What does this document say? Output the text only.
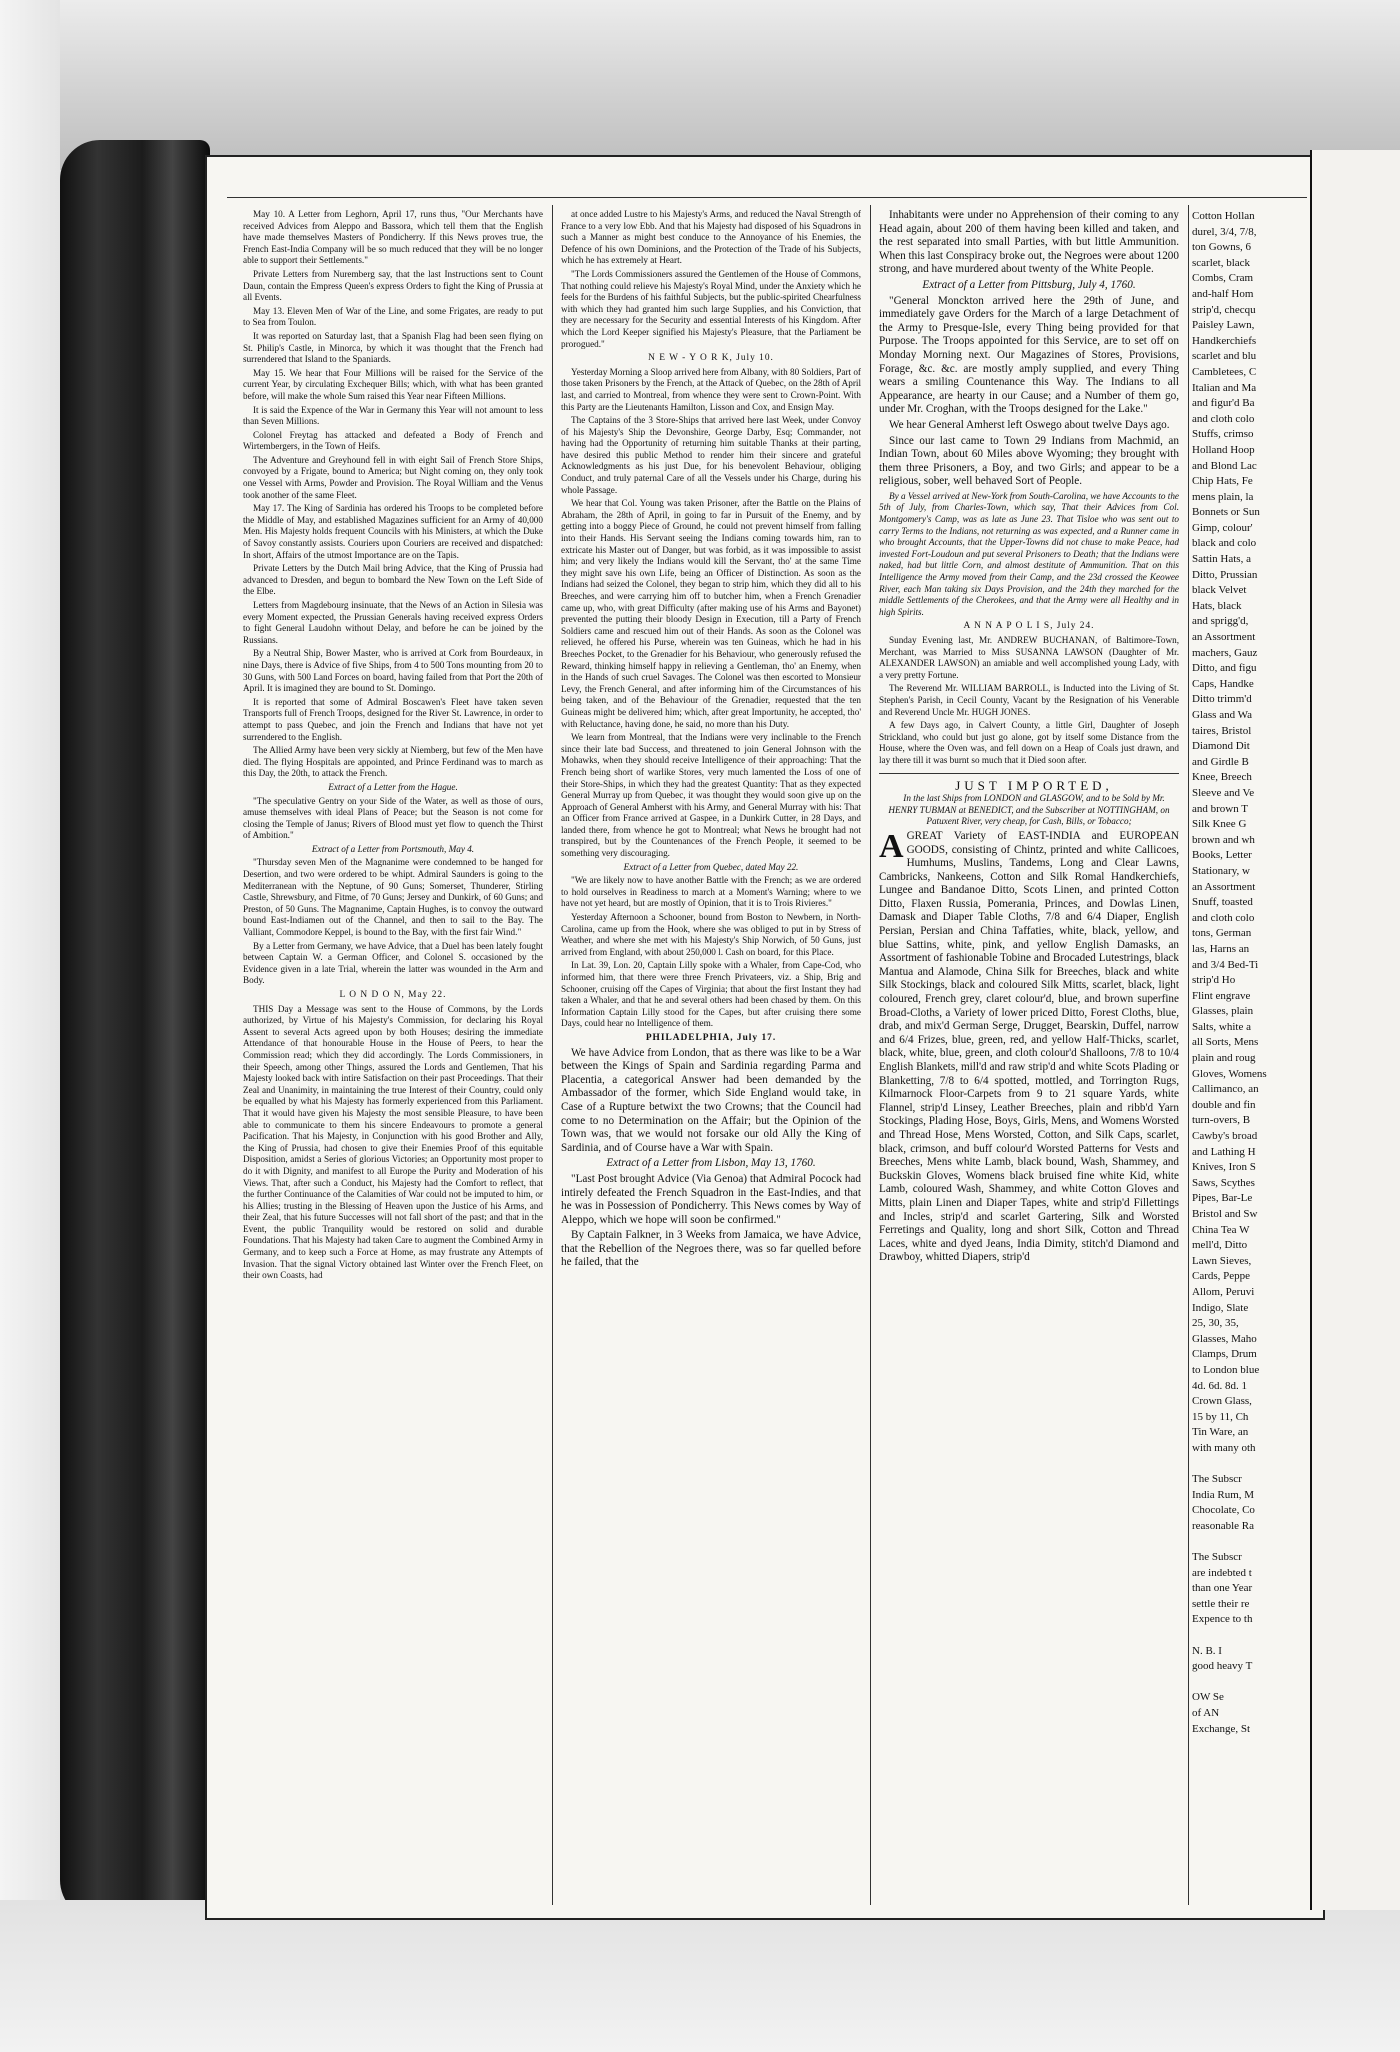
May 10. A Letter from Leghorn, April 17, runs thus, "Our Merchants have received Advices from Aleppo and Bassora, which tell them that the English have made themselves Masters of Pondicherry. If this News proves true, the French East-India Company will be so much reduced that they will be no longer able to support their Settlements."

Private Letters from Nuremberg say, that the last Instructions sent to Count Daun, contain the Empress Queen's express Orders to fight the King of Prussia at all Events.

May 13. Eleven Men of War of the Line, and some Frigates, are ready to put to Sea from Toulon.

It was reported on Saturday last, that a Spanish Flag had been seen flying on St. Philip's Castle, in Minorca, by which it was thought that the French had surrendered that Island to the Spaniards.

May 15. We hear that Four Millions will be raised for the Service of the current Year, by circulating Exchequer Bills; which, with what has been granted before, will make the whole Sum raised this Year near Fifteen Millions.

It is said the Expence of the War in Germany this Year will not amount to less than Seven Millions.

Colonel Freytag has attacked and defeated a Body of French and Wirtembergers, in the Town of Heifs.

The Adventure and Greyhound fell in with eight Sail of French Store Ships, convoyed by a Frigate, bound to America; but Night coming on, they only took one Vessel with Arms, Powder and Provision. The Royal William and the Venus took another of the same Fleet.

May 17. The King of Sardinia has ordered his Troops to be completed before the Middle of May, and established Magazines sufficient for an Army of 40,000 Men. His Majesty holds frequent Councils with his Ministers, at which the Duke of Savoy constantly assists. Couriers upon Couriers are received and dispatched: In short, Affairs of the utmost Importance are on the Tapis.

Private Letters by the Dutch Mail bring Advice, that the King of Prussia had advanced to Dresden, and begun to bombard the New Town on the Left Side of the Elbe.

Letters from Magdebourg insinuate, that the News of an Action in Silesia was every Moment expected, the Prussian Generals having received express Orders to fight General Laudohn without Delay, and before he can be joined by the Russians.

By a Neutral Ship, Bower Master, who is arrived at Cork from Bourdeaux, in nine Days, there is Advice of five Ships, from 4 to 500 Tons mounting from 20 to 30 Guns, with 500 Land Forces on board, having failed from that Port the 20th of April. It is imagined they are bound to St. Domingo.

It is reported that some of Admiral Boscawen's Fleet have taken seven Transports full of French Troops, designed for the River St. Lawrence, in order to attempt to pass Quebec, and join the French and Indians that have not yet surrendered to the English.

The Allied Army have been very sickly at Niemberg, but few of the Men have died. The flying Hospitals are appointed, and Prince Ferdinand was to march as this Day, the 20th, to attack the French.

Extract of a Letter from the Hague.

"The speculative Gentry on your Side of the Water, as well as those of ours, amuse themselves with ideal Plans of Peace; but the Season is not come for closing the Temple of Janus; Rivers of Blood must yet flow to quench the Thirst of Ambition."

Extract of a Letter from Portsmouth, May 4.

"Thursday seven Men of the Magnanime were condemned to be hanged for Desertion, and two were ordered to be whipt. Admiral Saunders is going to the Mediterranean with the Neptune, of 90 Guns; Somerset, Thunderer, Stirling Castle, Shrewsbury, and Fitme, of 70 Guns; Jersey and Dunkirk, of 60 Guns; and Preston, of 50 Guns. The Magnanime, Captain Hughes, is to convoy the outward bound East-Indiamen out of the Channel, and then to sail to the Bay. The Valliant, Commodore Keppel, is bound to the Bay, with the first fair Wind."

By a Letter from Germany, we have Advice, that a Duel has been lately fought between Captain W. a German Officer, and Colonel S. occasioned by the Evidence given in a late Trial, wherein the latter was wounded in the Arm and Body.

L O N D O N, May 22.

THIS Day a Message was sent to the House of Commons, by the Lords authorized, by Virtue of his Majesty's Commission, for declaring his Royal Assent to several Acts agreed upon by both Houses; desiring the immediate Attendance of that honourable House in the House of Peers, to hear the Commission read; which they did accordingly. The Lords Commissioners, in their Speech, among other Things, assured the Lords and Gentlemen, That his Majesty looked back with intire Satisfaction on their past Proceedings. That their Zeal and Unanimity, in maintaining the true Interest of their Country, could only be equalled by what his Majesty has formerly experienced from this Parliament. That it would have given his Majesty the most sensible Pleasure, to have been able to communicate to them his sincere Endeavours to promote a general Pacification. That his Majesty, in Conjunction with his good Brother and Ally, the King of Prussia, had chosen to give their Enemies Proof of this equitable Disposition, amidst a Series of glorious Victories; an Opportunity most proper to do it with Dignity, and manifest to all Europe the Purity and Moderation of his Views. That, after such a Conduct, his Majesty had the Comfort to reflect, that the further Continuance of the Calamities of War could not be imputed to him, or his Allies; trusting in the Blessing of Heaven upon the Justice of his Arms, and their Zeal, that his future Successes will not fall short of the past; and that in the Event, the public Tranquility would be restored on solid and durable Foundations. That his Majesty had taken Care to augment the Combined Army in Germany, and to keep such a Force at Home, as may frustrate any Attempts of Invasion. That the signal Victory obtained last Winter over the French Fleet, on their own Coasts, had

at once added Lustre to his Majesty's Arms, and reduced the Naval Strength of France to a very low Ebb. And that his Majesty had disposed of his Squadrons in such a Manner as might best conduce to the Annoyance of his Enemies, the Defence of his own Dominions, and the Protection of the Trade of his Subjects, which he has extremely at Heart.

"The Lords Commissioners assured the Gentlemen of the House of Commons, That nothing could relieve his Majesty's Royal Mind, under the Anxiety which he feels for the Burdens of his faithful Subjects, but the public-spirited Chearfulness with which they had granted him such large Supplies, and his Conviction, that they are necessary for the Security and essential Interests of his Kingdom. After which the Lord Keeper signified his Majesty's Pleasure, that the Parliament be prorogued."

N E W - Y O R K, July 10.

Yesterday Morning a Sloop arrived here from Albany, with 80 Soldiers, Part of those taken Prisoners by the French, at the Attack of Quebec, on the 28th of April last, and carried to Montreal, from whence they were sent to Crown-Point. With this Party are the Lieutenants Hamilton, Lisson and Cox, and Ensign May.

The Captains of the 3 Store-Ships that arrived here last Week, under Convoy of his Majesty's Ship the Devonshire, George Darby, Esq; Commander, not having had the Opportunity of returning him suitable Thanks at their parting, have desired this public Method to render him their sincere and grateful Acknowledgments as his just Due, for his benevolent Behaviour, obliging Conduct, and truly paternal Care of all the Vessels under his Charge, during his whole Passage.

We hear that Col. Young was taken Prisoner, after the Battle on the Plains of Abraham, the 28th of April, in going to far in Pursuit of the Enemy, and by getting into a boggy Piece of Ground, he could not prevent himself from falling into their Hands. His Servant seeing the Indians coming towards him, ran to extricate his Master out of Danger, but was forbid, as it was impossible to assist him; and very likely the Indians would kill the Servant, tho' at the same Time they might save his own Life, being an Officer of Distinction. As soon as the Indians had seized the Colonel, they began to strip him, which they did all to his Breeches, and were carrying him off to butcher him, when a French Grenadier came up, who, with great Difficulty (after making use of his Arms and Bayonet) prevented the putting their bloody Design in Execution, till a Party of French Soldiers came and rescued him out of their Hands. As soon as the Colonel was relieved, he offered his Purse, wherein was ten Guineas, which he had in his Breeches Pocket, to the Grenadier for his Behaviour, who generously refused the Reward, thinking himself happy in relieving a Gentleman, tho' an Enemy, when in the Hands of such cruel Savages. The Colonel was then escorted to Monsieur Levy, the French General, and after informing him of the Circumstances of his being taken, and of the Behaviour of the Grenadier, requested that the ten Guineas might be delivered him; which, after great Importunity, he accepted, tho' with Reluctance, having done, he said, no more than his Duty.

We learn from Montreal, that the Indians were very inclinable to the French since their late bad Success, and threatened to join General Johnson with the Mohawks, when they should receive Intelligence of their approaching: That the French being short of warlike Stores, very much lamented the Loss of one of their Store-Ships, in which they had the greatest Quantity: That as they expected General Murray up from Quebec, it was thought they would soon give up on the Approach of General Amherst with his Army, and General Murray with his: That an Officer from France arrived at Gaspee, in a Dunkirk Cutter, in 28 Days, and landed there, from whence he got to Montreal; what News he brought had not transpired, but by the Countenances of the French People, it seemed to be something very discouraging.

Extract of a Letter from Quebec, dated May 22.

"We are likely now to have another Battle with the French; as we are ordered to hold ourselves in Readiness to march at a Moment's Warning; where to we have not yet heard, but are mostly of Opinion, that it is to Trois Rivieres."

Yesterday Afternoon a Schooner, bound from Boston to Newbern, in North-Carolina, came up from the Hook, where she was obliged to put in by Stress of Weather, and where she met with his Majesty's Ship Norwich, of 50 Guns, just arrived from England, with about 250,000 l. Cash on board, for this Place.

In Lat. 39, Lon. 20, Captain Lilly spoke with a Whaler, from Cape-Cod, who informed him, that there were three French Privateers, viz. a Ship, Brig and Schooner, cruising off the Capes of Virginia; that about the first Instant they had taken a Whaler, and that he and several others had been chased by them. On this Information Captain Lilly stood for the Capes, but after cruising there some Days, could hear no Intelligence of them.

PHILADELPHIA, July 17.

We have Advice from London, that as there was like to be a War between the Kings of Spain and Sardinia regarding Parma and Placentia, a categorical Answer had been demanded by the Ambassador of the former, which Side England would take, in Case of a Rupture betwixt the two Crowns; that the Council had come to no Determination on the Affair; but the Opinion of the Town was, that we would not forsake our old Ally the King of Sardinia, and of Course have a War with Spain.

Extract of a Letter from Lisbon, May 13, 1760.

"Last Post brought Advice (Via Genoa) that Admiral Pocock had intirely defeated the French Squadron in the East-Indies, and that he was in Possession of Pondicherry. This News comes by Way of Aleppo, which we hope will soon be confirmed."

By Captain Falkner, in 3 Weeks from Jamaica, we have Advice, that the Rebellion of the Negroes there, was so far quelled before he failed, that the

Inhabitants were under no Apprehension of their coming to any Head again, about 200 of them having been killed and taken, and the rest separated into small Parties, with but little Ammunition. When this last Conspiracy broke out, the Negroes were about 1200 strong, and have murdered about twenty of the White People.

Extract of a Letter from Pittsburg, July 4, 1760.

"General Monckton arrived here the 29th of June, and immediately gave Orders for the March of a large Detachment of the Army to Presque-Isle, every Thing being provided for that Purpose. The Troops appointed for this Service, are to set off on Monday Morning next. Our Magazines of Stores, Provisions, Forage, &c. &c. are mostly amply supplied, and every Thing wears a smiling Countenance this Way. The Indians to all Appearance, are hearty in our Cause; and a Number of them go, under Mr. Croghan, with the Troops designed for the Lake."

We hear General Amherst left Oswego about twelve Days ago.

Since our last came to Town 29 Indians from Machmid, an Indian Town, about 60 Miles above Wyoming; they brought with them three Prisoners, a Boy, and two Girls; and appear to be a religious, sober, well behaved Sort of People.

By a Vessel arrived at New-York from South-Carolina, we have Accounts to the 5th of July, from Charles-Town, which say, That their Advices from Col. Montgomery's Camp, was as late as June 23. That Tisloe who was sent out to carry Terms to the Indians, not returning as was expected, and a Runner came in who brought Accounts, that the Upper-Towns did not chuse to make Peace, had invested Fort-Loudoun and put several Prisoners to Death; that the Indians were naked, had but little Corn, and almost destitute of Ammunition. That on this Intelligence the Army moved from their Camp, and the 23d crossed the Keowee River, each Man taking six Days Provision, and the 24th they marched for the middle Settlements of the Cherokees, and that the Army were all Healthy and in high Spirits.

A N N A P O L I S, July 24.

Sunday Evening last, Mr. ANDREW BUCHANAN, of Baltimore-Town, Merchant, was Married to Miss SUSANNA LAWSON (Daughter of Mr. ALEXANDER LAWSON) an amiable and well accomplished young Lady, with a very pretty Fortune.

The Reverend Mr. WILLIAM BARROLL, is Inducted into the Living of St. Stephen's Parish, in Cecil County, Vacant by the Resignation of his Venerable and Reverend Uncle Mr. HUGH JONES.

A few Days ago, in Calvert County, a little Girl, Daughter of Joseph Strickland, who could but just go alone, got by itself some Distance from the House, where the Oven was, and fell down on a Heap of Coals just drawn, and lay there till it was burnt so much that it Died soon after.

JUST IMPORTED,

In the last Ships from LONDON and GLASGOW, and to be Sold by Mr. HENRY TUBMAN at BENEDICT, and the Subscriber at NOTTINGHAM, on Patuxent River, very cheap, for Cash, Bills, or Tobacco;

AGREAT Variety of EAST-INDIA and EUROPEAN GOODS, consisting of Chintz, printed and white Callicoes, Humhums, Muslins, Tandems, Long and Clear Lawns, Cambricks, Nankeens, Cotton and Silk Romal Handkerchiefs, Lungee and Bandanoe Ditto, Scots Linen, and printed Cotton Ditto, Flaxen Russia, Pomerania, Princes, and Dowlas Linen, Damask and Diaper Table Cloths, 7/8 and 6/4 Diaper, English Persian, Persian and China Taffaties, white, black, yellow, and blue Sattins, white, pink, and yellow English Damasks, an Assortment of fashionable Tobine and Brocaded Lutestrings, black Mantua and Alamode, China Silk for Breeches, black and white Silk Stockings, black and coloured Silk Mitts, scarlet, black, light coloured, French grey, claret colour'd, blue, and brown superfine Broad-Cloths, a Variety of lower priced Ditto, Forest Cloths, blue, drab, and mix'd German Serge, Drugget, Bearskin, Duffel, narrow and 6/4 Frizes, blue, green, red, and yellow Half-Thicks, scarlet, black, white, blue, green, and cloth colour'd Shalloons, 7/8 to 10/4 English Blankets, mill'd and raw strip'd and white Scots Plading or Blanketting, 7/8 to 6/4 spotted, mottled, and Torrington Rugs, Kilmarnock Floor-Carpets from 9 to 21 square Yards, white Flannel, strip'd Linsey, Leather Breeches, plain and ribb'd Yarn Stockings, Plading Hose, Boys, Girls, Mens, and Womens Worsted and Thread Hose, Mens Worsted, Cotton, and Silk Caps, scarlet, black, crimson, and buff colour'd Worsted Patterns for Vests and Breeches, Mens white Lamb, black bound, Wash, Shammey, and Buckskin Gloves, Womens black bruised fine white Kid, white Lamb, coloured Wash, Shammey, and white Cotton Gloves and Mitts, plain Linen and Diaper Tapes, white and strip'd Fillettings and Incles, strip'd and scarlet Gartering, Silk and Worsted Ferretings and Quality, long and short Silk, Cotton and Thread Laces, white and dyed Jeans, India Dimity, stitch'd Diamond and Drawboy, whitted Diapers, strip'd

Cotton Hollan
durel, 3/4, 7/8,
ton Gowns, 6
scarlet, black
Combs, Cram
and-half Hom
strip'd, checqu
Paisley Lawn,
Handkerchiefs
scarlet and blu
Cambletees, C
Italian and Ma
and figur'd Ba
and cloth colo
Stuffs, crimso
Holland Hoop
and Blond Lac
Chip Hats, Fe
mens plain, la
Bonnets or Sun
Gimp, colour'
black and colo
Sattin Hats, a
Ditto, Prussian
black Velvet
Hats, black
and sprigg'd,
an Assortment
machers, Gauz
Ditto, and figu
Caps, Handke
Ditto trimm'd
Glass and Wa
taires, Bristol
Diamond Dit
and Girdle B
Knee, Breech
Sleeve and Ve
and brown T
Silk Knee G
brown and wh
Books, Letter
Stationary, w
an Assortment
Snuff, toasted
and cloth colo
tons, German
las, Harns an
and 3/4 Bed-Ti
strip'd Ho
Flint engrave
Glasses, plain
Salts, white a
all Sorts, Mens
plain and roug
Gloves, Womens
Callimanco, an
double and fin
turn-overs, B
Cawby's broad
and Lathing H
Knives, Iron S
Saws, Scythes
Pipes, Bar-Le
Bristol and Sw
China Tea W
mell'd, Ditto
Lawn Sieves,
Cards, Peppe
Allom, Peruvi
Indigo, Slate
25, 30, 35,
Glasses, Maho
Clamps, Drum
to London blue
4d. 6d. 8d. 1
Crown Glass,
15 by 11, Ch
Tin Ware, an
with many oth
The Subscr
India Rum, M
Chocolate, Co
reasonable Ra
The Subscr
are indebted t
than one Year
settle their re
Expence to th
N. B. I
good heavy T
OW Se
of AN
Exchange, St
